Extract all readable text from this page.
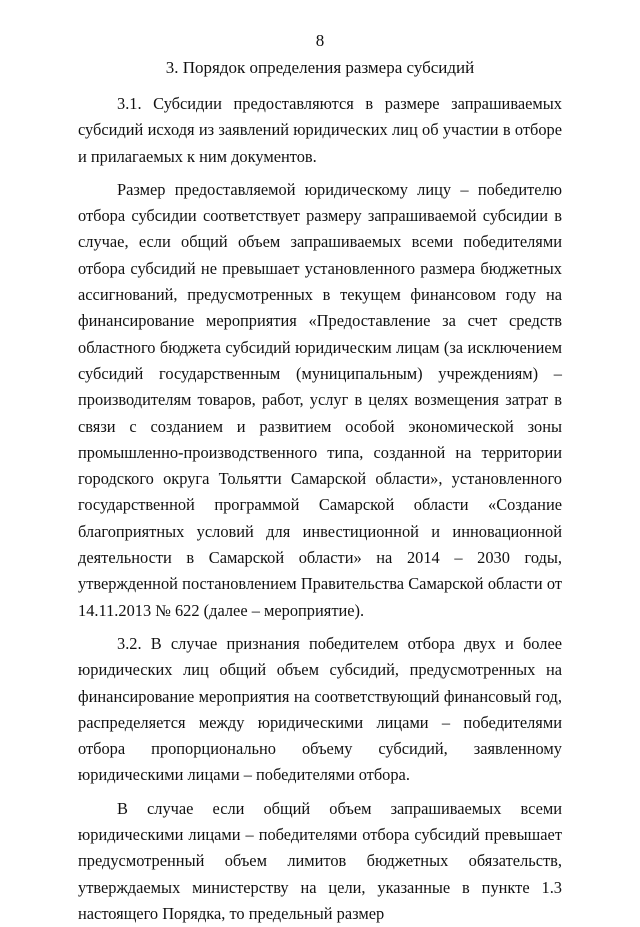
8
3. Порядок определения размера субсидий

3.1. Субсидии предоставляются в размере запрашиваемых субсидий исходя из заявлений юридических лиц об участии в отборе и прилагаемых к ним документов.

Размер предоставляемой юридическому лицу – победителю отбора субсидии соответствует размеру запрашиваемой субсидии в случае, если общий объем запрашиваемых всеми победителями отбора субсидий не превышает установленного размера бюджетных ассигнований, предусмотренных в текущем финансовом году на финансирование мероприятия «Предоставление за счет средств областного бюджета субсидий юридическим лицам (за исключением субсидий государственным (муниципальным) учреждениям) – производителям товаров, работ, услуг в целях возмещения затрат в связи с созданием и развитием особой экономической зоны промышленно-производственного типа, созданной на территории городского округа Тольятти Самарской области», установленного государственной программой Самарской области «Создание благоприятных условий для инвестиционной и инновационной деятельности в Самарской области» на 2014 – 2030 годы, утвержденной постановлением Правительства Самарской области от 14.11.2013 № 622 (далее – мероприятие).

3.2. В случае признания победителем отбора двух и более юридических лиц общий объем субсидий, предусмотренных на финансирование мероприятия на соответствующий финансовый год, распределяется между юридическими лицами – победителями отбора пропорционально объему субсидий, заявленному юридическими лицами – победителями отбора.

В случае если общий объем запрашиваемых всеми юридическими лицами – победителями отбора субсидий превышает предусмотренный объем лимитов бюджетных обязательств, утверждаемых министерству на цели, указанные в пункте 1.3 настоящего Порядка, то предельный размер
